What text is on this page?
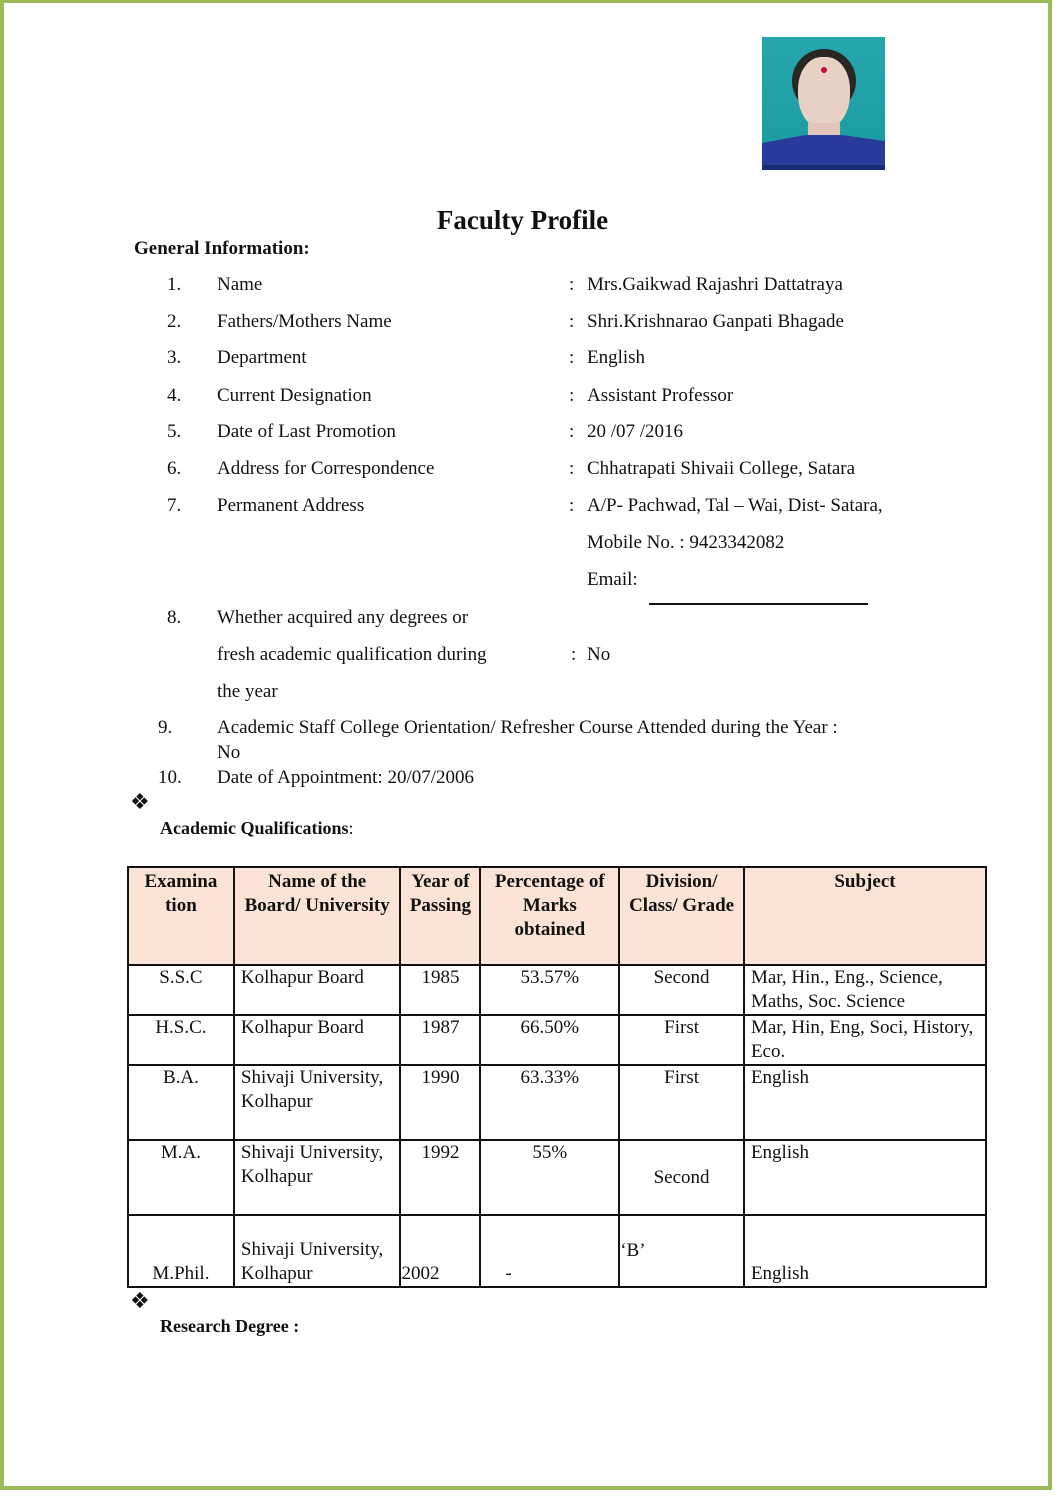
Faculty Profile
General Information:
1. Name	: Mrs.Gaikwad Rajashri Dattatraya
2. Fathers/Mothers Name	: Shri.Krishnarao Ganpati Bhagade
3. Department	: English
4. Current Designation	: Assistant Professor
5. Date of Last Promotion	: 20 /07 /2016
6. Address for Correspondence	: Chhatrapati Shivaii College, Satara
7. Permanent Address	: A/P- Pachwad, Tal – Wai, Dist- Satara,
Mobile No. : 9423342082
Email:
8. Whether acquired any degrees or
fresh academic qualification during	: No
the year
9. Academic Staff College Orientation/ Refresher Course Attended during the Year :
No
10. Date of Appointment: 20/07/2006
❖
Academic Qualifications:
Examina tion	Name of the Board/ University	Year of Passing	Percentage of Marks obtained	Division/ Class/ Grade	Subject
S.S.C	Kolhapur Board	1985	53.57%	Second	Mar, Hin., Eng., Science, Maths, Soc. Science
H.S.C.	Kolhapur Board	1987	66.50%	First	Mar, Hin, Eng, Soci, History, Eco.
B.A.	Shivaji University, Kolhapur	1990	63.33%	First	English
M.A.	Shivaji University, Kolhapur	1992	55%	Second	English
M.Phil.	Shivaji University, Kolhapur	2002	-	‘B’	English
❖
Research Degree :
